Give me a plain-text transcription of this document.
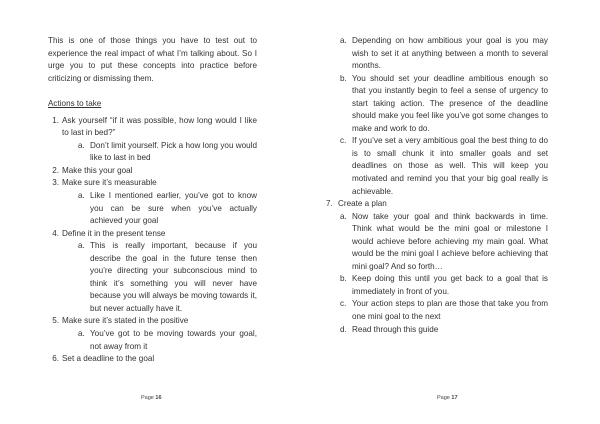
This is one of those things you have to test out to experience the real impact of what I’m talking about. So I urge you to put these concepts into practice before criticizing or dismissing them.

Actions to take

1. Ask yourself “if it was possible, how long would I like to last in bed?”
a. Don’t limit yourself. Pick a how long you would like to last in bed
2. Make this your goal
3. Make sure it’s measurable
a. Like I mentioned earlier, you’ve got to know you can be sure when you’ve actually achieved your goal
4. Define it in the present tense
a. This is really important, because if you describe the goal in the future tense then you’re directing your subconscious mind to think it’s something you will never have because you will always be moving towards it, but never actually have it.
5. Make sure it’s stated in the positive
a. You’ve got to be moving towards your goal, not away from it
6. Set a deadline to the goal
Page 16
a. Depending on how ambitious your goal is you may wish to set it at anything between a month to several months.
b. You should set your deadline ambitious enough so that you instantly begin to feel a sense of urgency to start taking action. The presence of the deadline should make you feel like you’ve got some changes to make and work to do.
c. If you’ve set a very ambitious goal the best thing to do is to small chunk it into smaller goals and set deadlines on those as well. This will keep you motivated and remind you that your big goal really is achievable.
7. Create a plan
a. Now take your goal and think backwards in time. Think what would be the mini goal or milestone I would achieve before achieving my main goal. What would be the mini goal I achieve before achieving that mini goal? And so forth…
b. Keep doing this until you get back to a goal that is immediately in front of you.
c. Your action steps to plan are those that take you from one mini goal to the next
d. Read through this guide
Page 17
